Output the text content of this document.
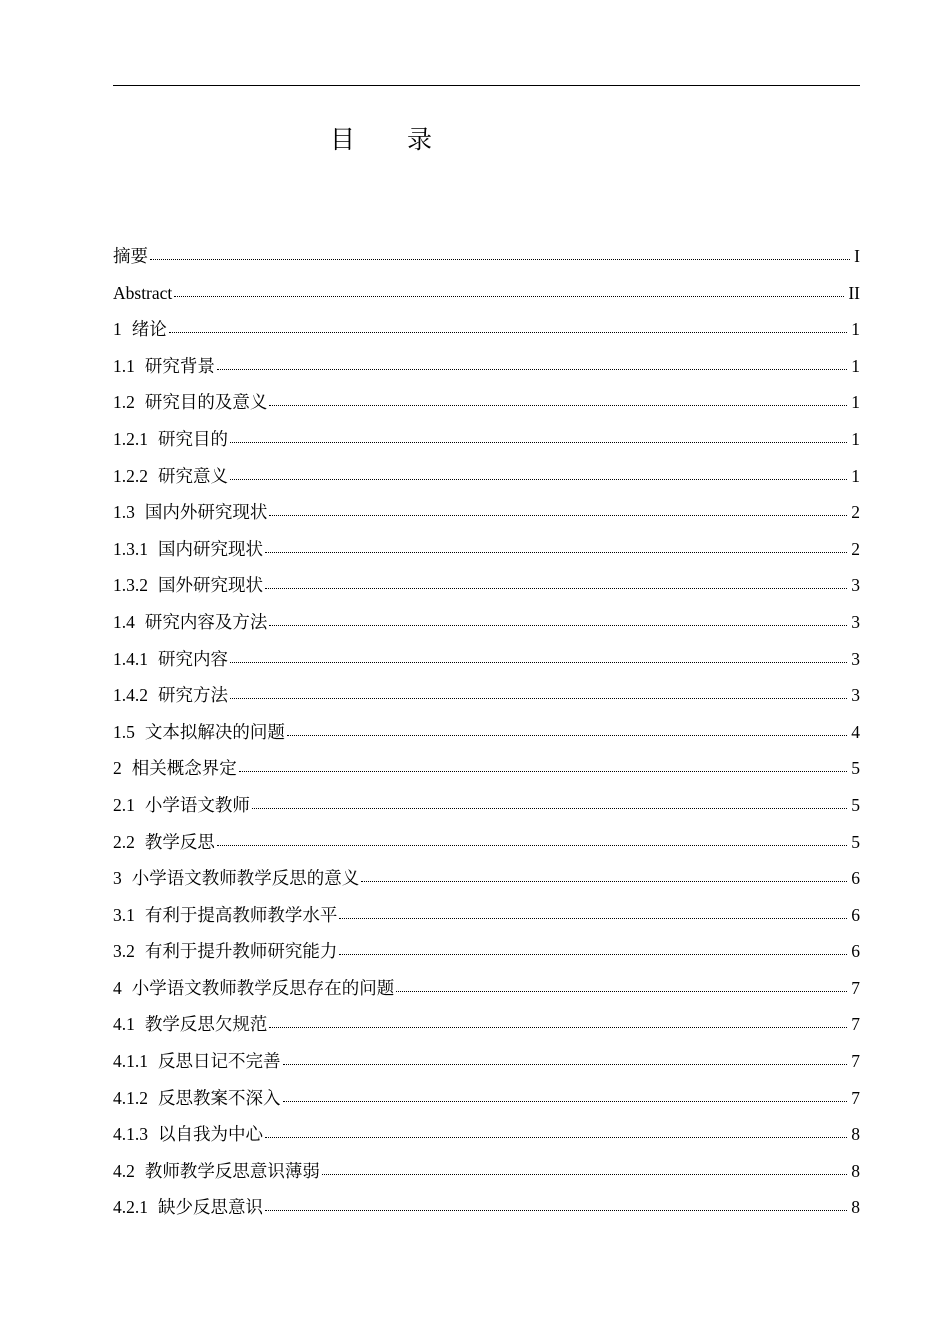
目 录
摘要	I
Abstract	II
1 绪论	1
1.1 研究背景	1
1.2 研究目的及意义	1
1.2.1 研究目的	1
1.2.2 研究意义	1
1.3 国内外研究现状	2
1.3.1 国内研究现状	2
1.3.2 国外研究现状	3
1.4 研究内容及方法	3
1.4.1 研究内容	3
1.4.2 研究方法	3
1.5 文本拟解决的问题	4
2 相关概念界定	5
2.1 小学语文教师	5
2.2 教学反思	5
3 小学语文教师教学反思的意义	6
3.1 有利于提高教师教学水平	6
3.2 有利于提升教师研究能力	6
4 小学语文教师教学反思存在的问题	7
4.1 教学反思欠规范	7
4.1.1 反思日记不完善	7
4.1.2 反思教案不深入	7
4.1.3 以自我为中心	8
4.2 教师教学反思意识薄弱	8
4.2.1 缺少反思意识	8
